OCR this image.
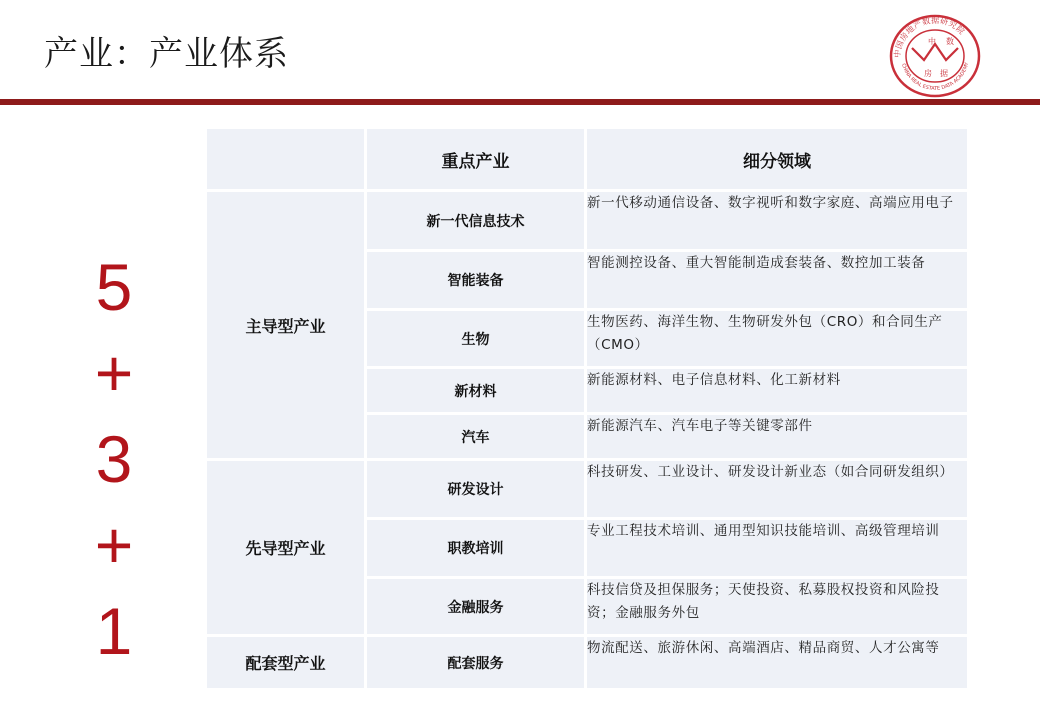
产业：产业体系	中国房地产数据研究院
CHINA REAL ESTATE DATA ACADEMY
中 数
房 据
5
+
3
+
1
	重点产业	细分领域
主导型产业	新一代信息技术	新一代移动通信设备、数字视听和数字家庭、高端应用电子
	智能装备	智能测控设备、重大智能制造成套装备、数控加工装备
	生物	生物医药、海洋生物、生物研发外包（CRO）和合同生产（CMO）
	新材料	新能源材料、电子信息材料、化工新材料
	汽车	新能源汽车、汽车电子等关键零部件
先导型产业	研发设计	科技研发、工业设计、研发设计新业态（如合同研发组织）
	职教培训	专业工程技术培训、通用型知识技能培训、高级管理培训
	金融服务	科技信贷及担保服务；天使投资、私募股权投资和风险投资；金融服务外包
配套型产业	配套服务	物流配送、旅游休闲、高端酒店、精品商贸、人才公寓等
